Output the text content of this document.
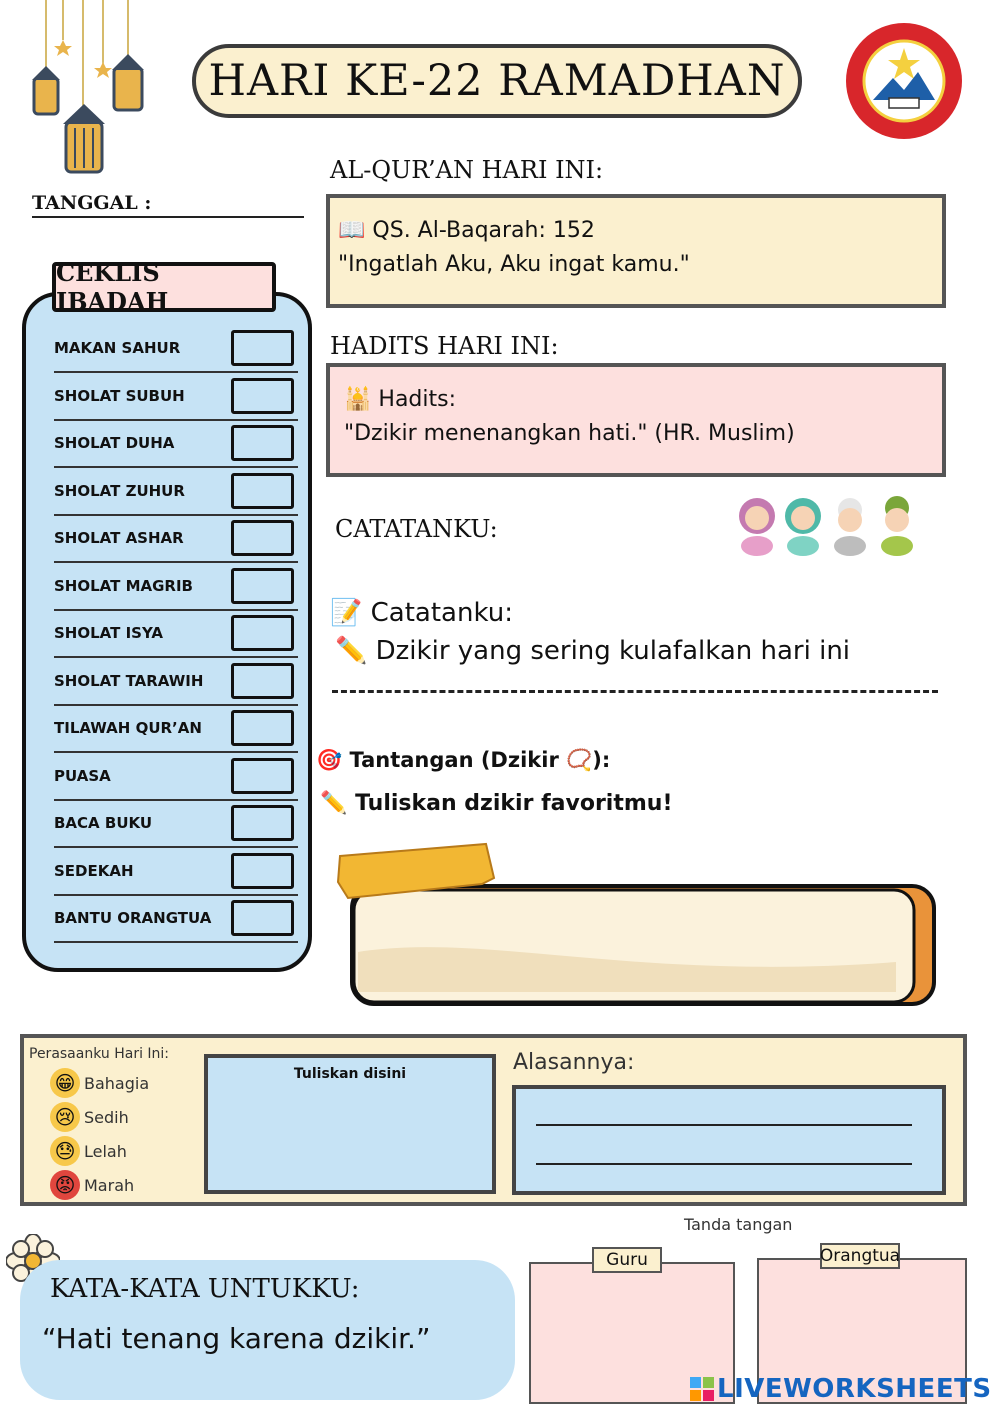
HARI KE-22 RAMADHAN
TANGGAL :
AL-QUR’AN HARI INI:
📖 QS. Al-Baqarah: 152
"Ingatlah Aku, Aku ingat kamu."
HADITS HARI INI:
🕌 Hadits:
"Dzikir menenangkan hati." (HR. Muslim)
MAKAN SAHUR
SHOLAT SUBUH
SHOLAT DUHA
SHOLAT ZUHUR
SHOLAT ASHAR
SHOLAT MAGRIB
SHOLAT ISYA
SHOLAT TARAWIH
TILAWAH QUR’AN
PUASA
BACA BUKU
SEDEKAH
BANTU ORANGTUA
CEKLIS IBADAH
CATATANKU:
📝 Catatanku:
✏️ Dzikir yang sering kulafalkan hari ini
🎯 Tantangan (Dzikir 📿):
✏️ Tuliskan dzikir favoritmu!
Perasaanku Hari Ini:
😁 Bahagia
😢 Sedih
😓 Lelah
😡 Marah
Tuliskan disini	Alasannya:
KATA-KATA UNTUKKU:
“Hati tenang karena dzikir.”
Tanda tangan
Guru	Orangtua
LIVEWORKSHEETS
